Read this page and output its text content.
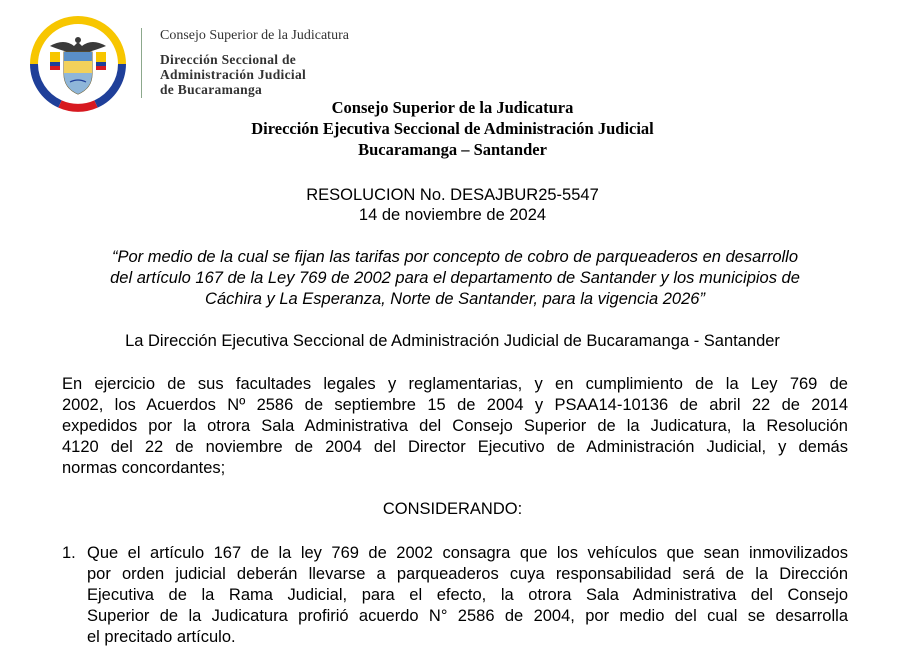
Consejo Superior de la Judicatura
Dirección Seccional de
Administración Judicial
de Bucaramanga
Consejo Superior de la Judicatura
Dirección Ejecutiva Seccional de Administración Judicial
Bucaramanga – Santander
RESOLUCION No. DESAJBUR25-5547
14 de noviembre de 2024
“Por medio de la cual se fijan las tarifas por concepto de cobro de parqueaderos en desarrollo
del artículo 167 de la Ley 769 de 2002 para el departamento de Santander y los municipios de
Cáchira y La Esperanza, Norte de Santander, para la vigencia 2026”
La Dirección Ejecutiva Seccional de Administración Judicial de Bucaramanga - Santander
En ejercicio de sus facultades legales y reglamentarias, y en cumplimiento de la Ley 769 de
2002, los Acuerdos Nº 2586 de septiembre 15 de 2004 y PSAA14-10136 de abril 22 de 2014
expedidos por la otrora Sala Administrativa del Consejo Superior de la Judicatura, la Resolución
4120 del 22 de noviembre de 2004 del Director Ejecutivo de Administración Judicial, y demás
normas concordantes;
CONSIDERANDO:
1. Que el artículo 167 de la ley 769 de 2002 consagra que los vehículos que sean inmovilizados
por orden judicial deberán llevarse a parqueaderos cuya responsabilidad será de la Dirección
Ejecutiva de la Rama Judicial, para el efecto, la otrora Sala Administrativa del Consejo
Superior de la Judicatura profirió acuerdo N° 2586 de 2004, por medio del cual se desarrolla
el precitado artículo.
